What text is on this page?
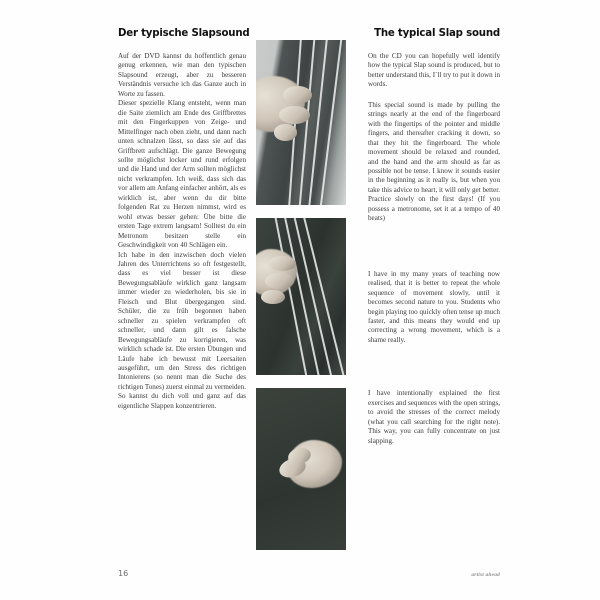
Der typische Slapsound	The typical Slap sound

Auf der DVD kannst du hoffentlich genau genug erkennen, wie man den typischen Slapsound erzeugt, aber zu besseren Verständnis versuche ich das Ganze auch in Worte zu fassen.

Dieser spezielle Klang entsteht, wenn man die Saite ziemlich am Ende des Griffbrettes mit den Fingerkuppen von Zeige- und Mittelfinger nach oben zieht, und dann nach unten schnalzen lässt, so dass sie auf das Griffbrett aufschlägt. Die ganze Bewegung sollte möglichst locker und rund erfolgen und die Hand und der Arm sollten möglichst nicht verkrampfen. Ich weiß, dass sich das vor allem am Anfang einfacher anhört, als es wirklich ist, aber wenn du dir bitte folgenden Rat zu Herzen nimmst, wird es wohl etwas besser gehen: Übe bitte die ersten Tage extrem langsam! Solltest du ein Metronom besitzen stelle ein Geschwindigkeit von 40 Schlägen ein.

Ich habe in den inzwischen doch vielen Jahren des Unterrichtens so oft festgestellt, dass es viel besser ist diese Bewegungsabläufe wirklich ganz langsam immer wieder zu wiederholen, bis sie in Fleisch und Blut übergegangen sind. Schüler, die zu früh begonnen haben schneller zu spielen verkrampfen oft schneller, und dann gilt es falsche Bewegungsabläufe zu korrigieren, was wirklich schade ist. Die ersten Übungen und Läufe habe ich bewusst mit Leersaiten ausgeführt, um den Stress des richtigen Intonierens (so nennt man die Suche des richtigen Tones) zuerst einmal zu vermeiden. So kannst du dich voll und ganz auf das eigentliche Slappen konzentrieren.

On the CD you can hopefully well identify how the typical Slap sound is produced, but to better understand this, I´ll try to put it down in words.

This special sound is made by pulling the strings nearly at the end of the fingerboard with the fingertips of the pointer and middle fingers, and thereafter cracking it down, so that they hit the fingerboard. The whole movement should be relaxed and rounded, and the hand and the arm should as far as possible not be tense. I know it sounds easier in the beginning as it really is, but when you take this advice to heart, it will only get better. Practice slowly on the first days! (If you possess a metronome, set it at a tempo of 40 beats)

I have in my many years of teaching now realised, that it is better to repeat the whole sequence of movement slowly, until it becomes second nature to you. Students who begin playing too quickly often tense up much faster, and this means they would end up correcting a wrong movement, which is a shame really.

I have intentionally explained the first exercises and sequences with the open strings, to avoid the stresses of the correct melody (what you call searching for the right note). This way, you can fully concentrate on just slapping.

16	artist ahead
